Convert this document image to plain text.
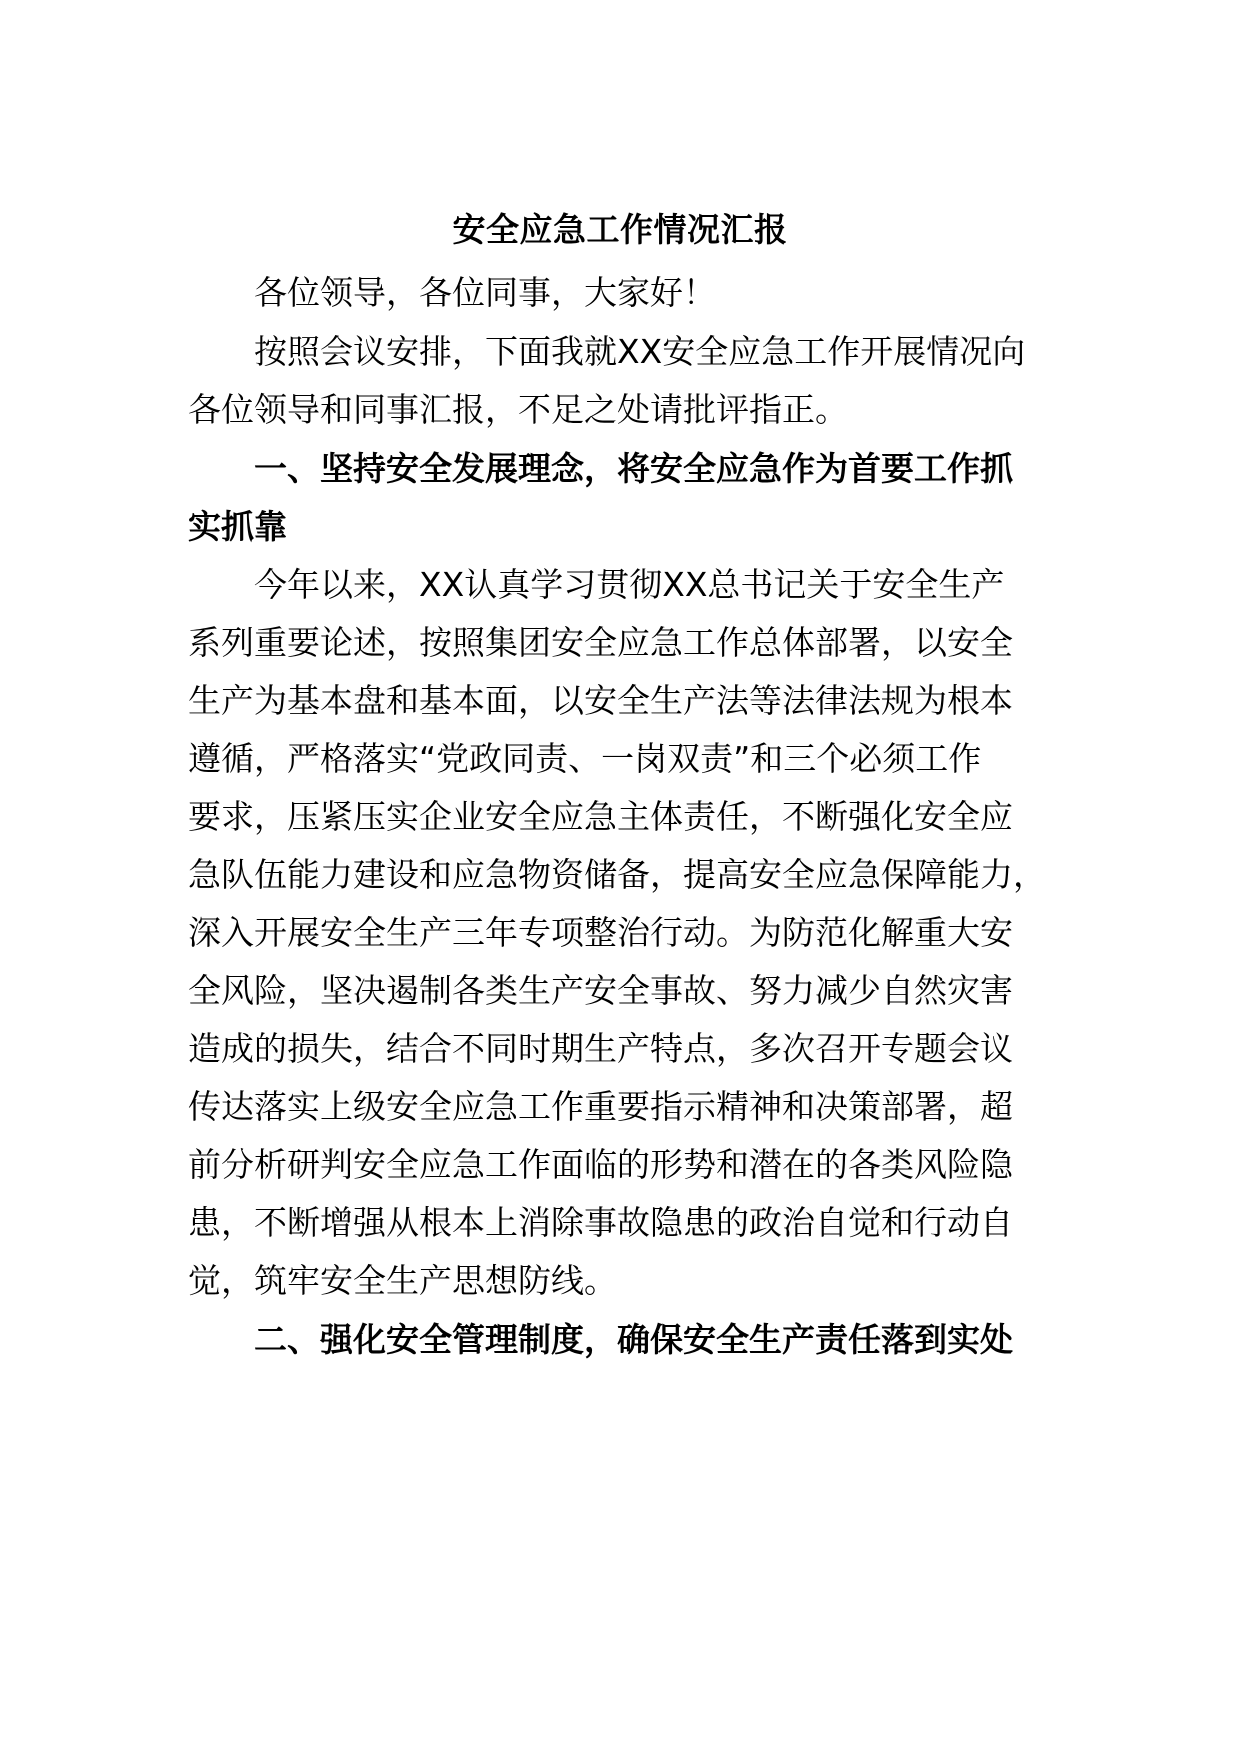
安全应急工作情况汇报
各位领导，各位同事，大家好！
按照会议安排，下面我就XX安全应急工作开展情况向
各位领导和同事汇报，不足之处请批评指正。
一、坚持安全发展理念，将安全应急作为首要工作抓
实抓靠
今年以来，XX认真学习贯彻XX总书记关于安全生产
系列重要论述，按照集团安全应急工作总体部署，以安全
生产为基本盘和基本面，以安全生产法等法律法规为根本
遵循，严格落实“党政同责、一岗双责”和三个必须工作
要求，压紧压实企业安全应急主体责任，不断强化安全应
急队伍能力建设和应急物资储备，提高安全应急保障能力，
深入开展安全生产三年专项整治行动。为防范化解重大安
全风险，坚决遏制各类生产安全事故、努力减少自然灾害
造成的损失，结合不同时期生产特点，多次召开专题会议
传达落实上级安全应急工作重要指示精神和决策部署，超
前分析研判安全应急工作面临的形势和潜在的各类风险隐
患，不断增强从根本上消除事故隐患的政治自觉和行动自
觉，筑牢安全生产思想防线。
二、强化安全管理制度，确保安全生产责任落到实处
